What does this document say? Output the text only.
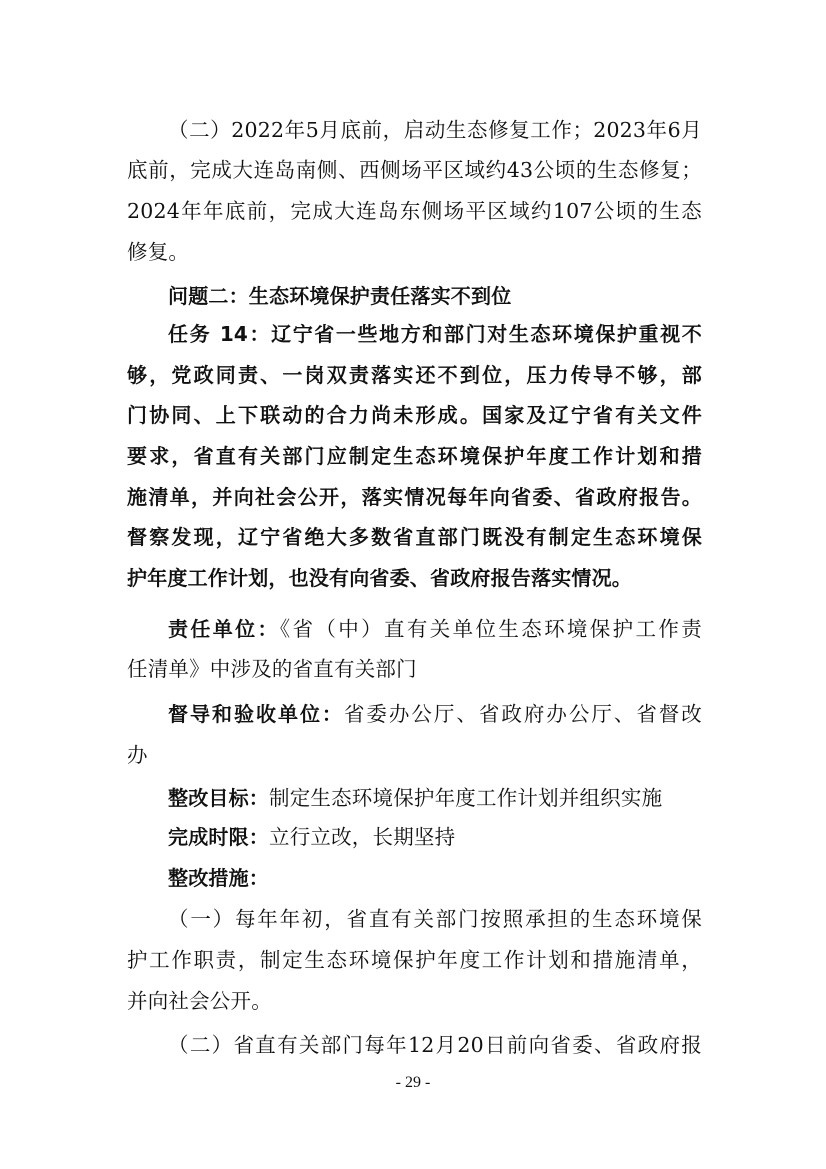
（二）2022年5月底前，启动生态修复工作；2023年6月
底前，完成大连岛南侧、西侧场平区域约43公顷的生态修复；
2024年年底前，完成大连岛东侧场平区域约107公顷的生态
修复。
问题二：生态环境保护责任落实不到位
任务 14：辽宁省一些地方和部门对生态环境保护重视不
够，党政同责、一岗双责落实还不到位，压力传导不够，部
门协同、上下联动的合力尚未形成。国家及辽宁省有关文件
要求，省直有关部门应制定生态环境保护年度工作计划和措
施清单，并向社会公开，落实情况每年向省委、省政府报告。
督察发现，辽宁省绝大多数省直部门既没有制定生态环境保
护年度工作计划，也没有向省委、省政府报告落实情况。
责任单位：《省（中）直有关单位生态环境保护工作责
任清单》中涉及的省直有关部门
督导和验收单位：省委办公厅、省政府办公厅、省督改
办
整改目标：制定生态环境保护年度工作计划并组织实施
完成时限：立行立改，长期坚持
整改措施：
（一）每年年初，省直有关部门按照承担的生态环境保
护工作职责，制定生态环境保护年度工作计划和措施清单，
并向社会公开。
（二）省直有关部门每年12月20日前向省委、省政府报
- 29 -
